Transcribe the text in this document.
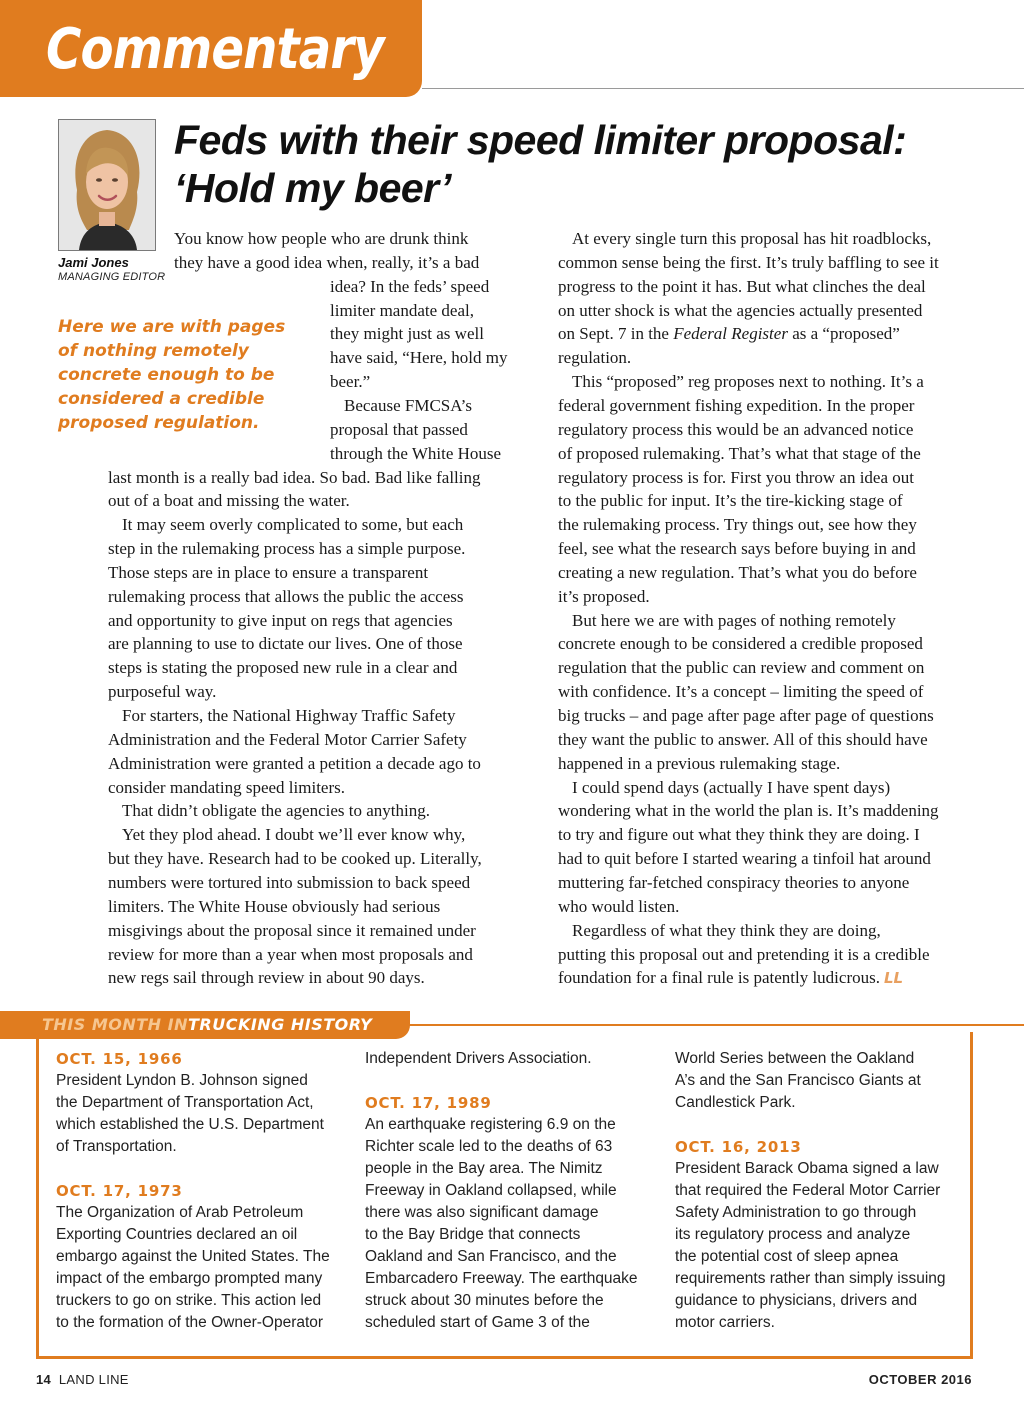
Commentary
Jami Jones
MANAGING EDITOR
Feds with their speed limiter proposal:
‘Hold my beer’
Here we are with pages
of nothing remotely
concrete enough to be
considered a credible
proposed regulation.
You know how people who are drunk think
they have a good idea when, really, it’s a bad
idea? In the feds’ speed
limiter mandate deal,
they might just as well
have said, “Here, hold my
beer.”
Because FMCSA’s
proposal that passed
through the White House
last month is a really bad idea. So bad. Bad like falling
out of a boat and missing the water.
It may seem overly complicated to some, but each
step in the rulemaking process has a simple purpose.
Those steps are in place to ensure a transparent
rulemaking process that allows the public the access
and opportunity to give input on regs that agencies
are planning to use to dictate our lives. One of those
steps is stating the proposed new rule in a clear and
purposeful way.
For starters, the National Highway Traffic Safety
Administration and the Federal Motor Carrier Safety
Administration were granted a petition a decade ago to
consider mandating speed limiters.
That didn’t obligate the agencies to anything.
Yet they plod ahead. I doubt we’ll ever know why,
but they have. Research had to be cooked up. Literally,
numbers were tortured into submission to back speed
limiters. The White House obviously had serious
misgivings about the proposal since it remained under
review for more than a year when most proposals and
new regs sail through review in about 90 days.
At every single turn this proposal has hit roadblocks,
common sense being the first. It’s truly baffling to see it
progress to the point it has. But what clinches the deal
on utter shock is what the agencies actually presented
on Sept. 7 in the Federal Register as a “proposed”
regulation.
This “proposed” reg proposes next to nothing. It’s a
federal government fishing expedition. In the proper
regulatory process this would be an advanced notice
of proposed rulemaking. That’s what that stage of the
regulatory process is for. First you throw an idea out
to the public for input. It’s the tire-kicking stage of
the rulemaking process. Try things out, see how they
feel, see what the research says before buying in and
creating a new regulation. That’s what you do before
it’s proposed.
But here we are with pages of nothing remotely
concrete enough to be considered a credible proposed
regulation that the public can review and comment on
with confidence. It’s a concept – limiting the speed of
big trucks – and page after page after page of questions
they want the public to answer. All of this should have
happened in a previous rulemaking stage.
I could spend days (actually I have spent days)
wondering what in the world the plan is. It’s maddening
to try and figure out what they think they are doing. I
had to quit before I started wearing a tinfoil hat around
muttering far-fetched conspiracy theories to anyone
who would listen.
Regardless of what they think they are doing,
putting this proposal out and pretending it is a credible
foundation for a final rule is patently ludicrous. LL
THIS MONTH INTRUCKING HISTORY
OCT. 15, 1966
President Lyndon B. Johnson signed
the Department of Transportation Act,
which established the U.S. Department
of Transportation.
OCT. 17, 1973
The Organization of Arab Petroleum
Exporting Countries declared an oil
embargo against the United States. The
impact of the embargo prompted many
truckers to go on strike. This action led
to the formation of the Owner-Operator
Independent Drivers Association.
OCT. 17, 1989
An earthquake registering 6.9 on the
Richter scale led to the deaths of 63
people in the Bay area. The Nimitz
Freeway in Oakland collapsed, while
there was also significant damage
to the Bay Bridge that connects
Oakland and San Francisco, and the
Embarcadero Freeway. The earthquake
struck about 30 minutes before the
scheduled start of Game 3 of the
World Series between the Oakland
A’s and the San Francisco Giants at
Candlestick Park.
OCT. 16, 2013
President Barack Obama signed a law
that required the Federal Motor Carrier
Safety Administration to go through
its regulatory process and analyze
the potential cost of sleep apnea
requirements rather than simply issuing
guidance to physicians, drivers and
motor carriers.
14 LAND LINE	OCTOBER 2016
